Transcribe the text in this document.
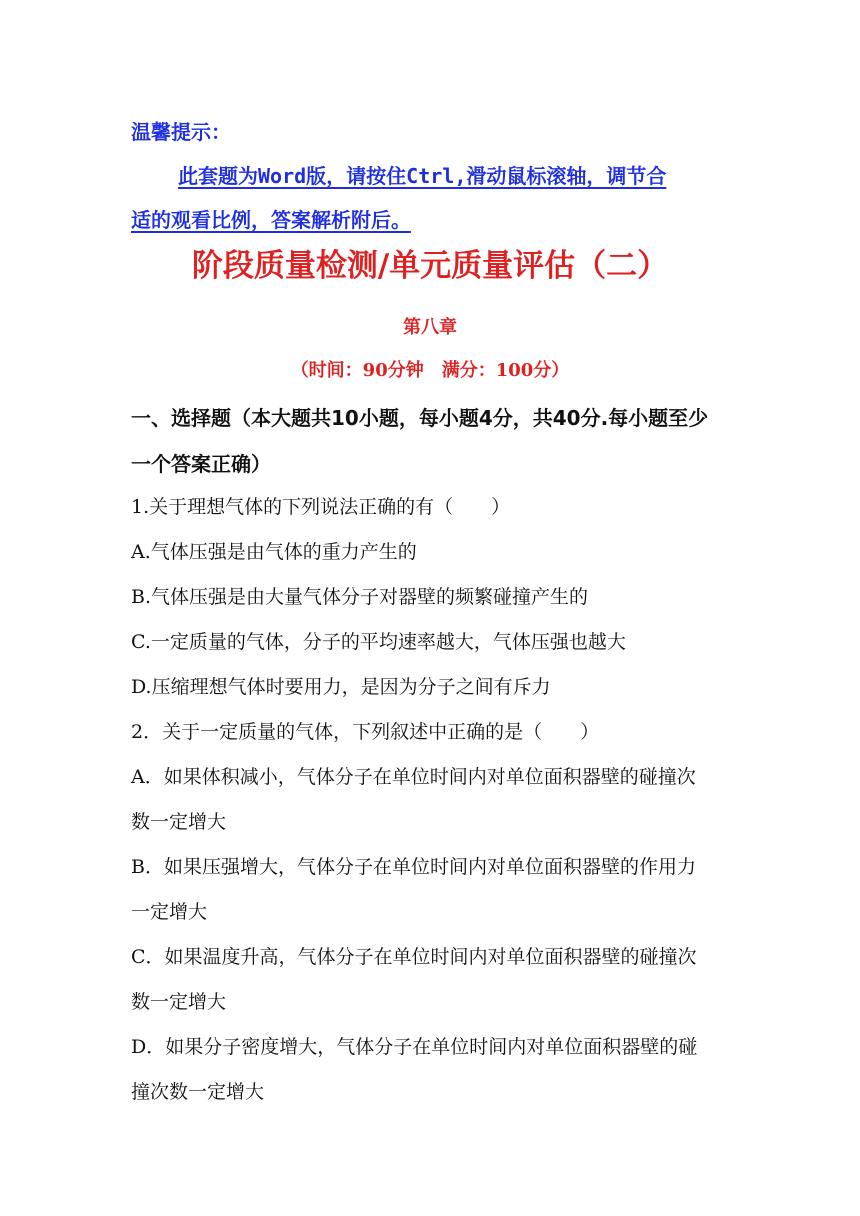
温馨提示：
此套题为Word版，请按住Ctrl,滑动鼠标滚轴，调节合
适的观看比例，答案解析附后。
阶段质量检测/单元质量评估（二）
第八章
（时间：90分钟　满分：100分）
一、选择题（本大题共10小题，每小题4分，共40分.每小题至少
一个答案正确）
1.关于理想气体的下列说法正确的有（　　）
A.气体压强是由气体的重力产生的
B.气体压强是由大量气体分子对器壁的频繁碰撞产生的
C.一定质量的气体，分子的平均速率越大，气体压强也越大
D.压缩理想气体时要用力，是因为分子之间有斥力
2．关于一定质量的气体，下列叙述中正确的是（　　）
A．如果体积减小，气体分子在单位时间内对单位面积器壁的碰撞次
数一定增大
B．如果压强增大，气体分子在单位时间内对单位面积器壁的作用力
一定增大
C．如果温度升高，气体分子在单位时间内对单位面积器壁的碰撞次
数一定增大
D．如果分子密度增大，气体分子在单位时间内对单位面积器壁的碰
撞次数一定增大
